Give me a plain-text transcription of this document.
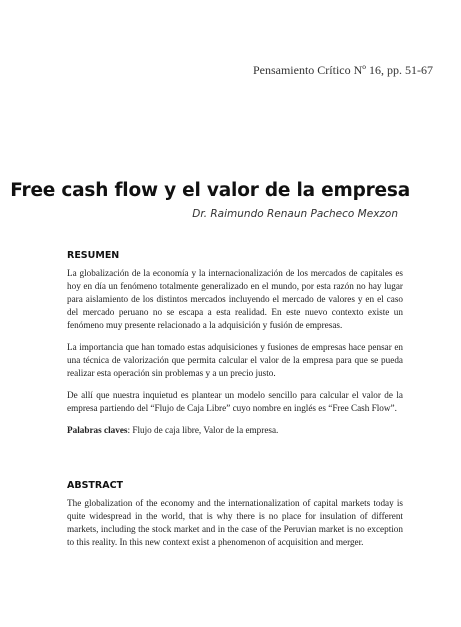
Pensamiento Crítico Nº 16, pp. 51-67
Free cash flow y el valor de la empresa
Dr. Raimundo Renaun Pacheco Mexzon
RESUMEN

La globalización de la economía y la internacionalización de los mercados de capitales es hoy en día un fenómeno totalmente generalizado en el mundo, por esta razón no hay lugar para aislamiento de los distintos mercados incluyendo el mercado de valores y en el caso del mercado peruano no se escapa a esta realidad. En este nuevo contexto existe un fenómeno muy presente relacionado a la adquisición y fusión de empresas.

La importancia que han tomado estas adquisiciones y fusiones de empresas hace pensar en una técnica de valorización que permita calcular el valor de la empresa para que se pueda realizar esta operación sin problemas y a un precio justo.

De allí que nuestra inquietud es plantear un modelo sencillo para calcular el valor de la empresa partiendo del “Flujo de Caja Libre” cuyo nombre en inglés es “Free Cash Flow”.

Palabras claves: Flujo de caja libre, Valor de la empresa.

ABSTRACT

The globalization of the economy and the internationalization of capital markets today is quite widespread in the world, that is why there is no place for insulation of different markets, including the stock market and in the case of the Peruvian market is no exception to this reality. In this new context exist a phenomenon of acquisition and merger.
